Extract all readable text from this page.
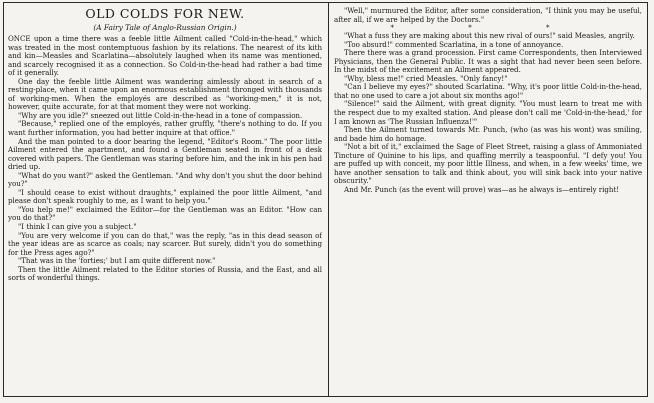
OLD COLDS FOR NEW.
(A Fairy Tale of Anglo-Russian Origin.)

ONCE upon a time there was a feeble little Ailment called "Cold-in-the-head," which was treated in the most contemptuous fashion by its relations. The nearest of its kith and kin—Measles and Scarlatina—absolutely laughed when its name was mentioned, and scarcely recognised it as a connection. So Cold-in-the-head had rather a bad time of it generally.

One day the feeble little Ailment was wandering aimlessly about in search of a resting-place, when it came upon an enormous establishment thronged with thousands of working-men. When the employés are described as "working-men," it is not, however, quite accurate, for at that moment they were not working.

"Why are you idle?" sneezed out little Cold-in-the-head in a tone of compassion.

"Because," replied one of the employés, rather gruffly, "there's nothing to do. If you want further information, you had better inquire at that office."

And the man pointed to a door bearing the legend, "Editor's Room." The poor little Ailment entered the apartment, and found a Gentleman seated in front of a desk covered with papers. The Gentleman was staring before him, and the ink in his pen had dried up.

"What do you want?" asked the Gentleman. "And why don't you shut the door behind you?"

"I should cease to exist without draughts," explained the poor little Ailment, "and please don't speak roughly to me, as I want to help you."

"You help me!" exclaimed the Editor—for the Gentleman was an Editor. "How can you do that?"

"I think I can give you a subject."

"You are very welcome if you can do that," was the reply, "as in this dead season of the year ideas are as scarce as coals; nay scarcer. But surely, didn't you do something for the Press ages ago?"

"That was in the 'forties;' but I am quite different now."

Then the little Ailment related to the Editor stories of Russia, and the East, and all sorts of wonderful things.

"Well," murmured the Editor, after some consideration, "I think you may be useful, after all, if we are helped by the Doctors."

* * *

"What a fuss they are making about this new rival of ours!" said Measles, angrily.

"Too absurd!" commented Scarlatina, in a tone of annoyance.

There there was a grand procession. First came Correspondents, then Interviewed Physicians, then the General Public. It was a sight that had never been seen before. In the midst of the excitement an Ailment appeared.

"Why, bless me!" cried Measles. "Only fancy!"

"Can I believe my eyes?" shouted Scarlatina. "Why, it's poor little Cold-in-the-head, that no one used to care a jot about six months ago!"

"Silence!" said the Ailment, with great dignity. "You must learn to treat me with the respect due to my exalted station. And please don't call me 'Cold-in-the-head,' for I am known as 'The Russian Influenza!'"

Then the Ailment turned towards Mr. Punch, (who (as was his wont) was smiling, and bade him do homage.

"Not a bit of it," exclaimed the Sage of Fleet Street, raising a glass of Ammoniated Tincture of Quinine to his lips, and quaffing merrily a teaspoonful. "I defy you! You are puffed up with conceit, my poor little Illness, and when, in a few weeks' time, we have another sensation to talk and think about, you will sink back into your native obscurity."

And Mr. Punch (as the event will prove) was—as he always is—entirely right!
